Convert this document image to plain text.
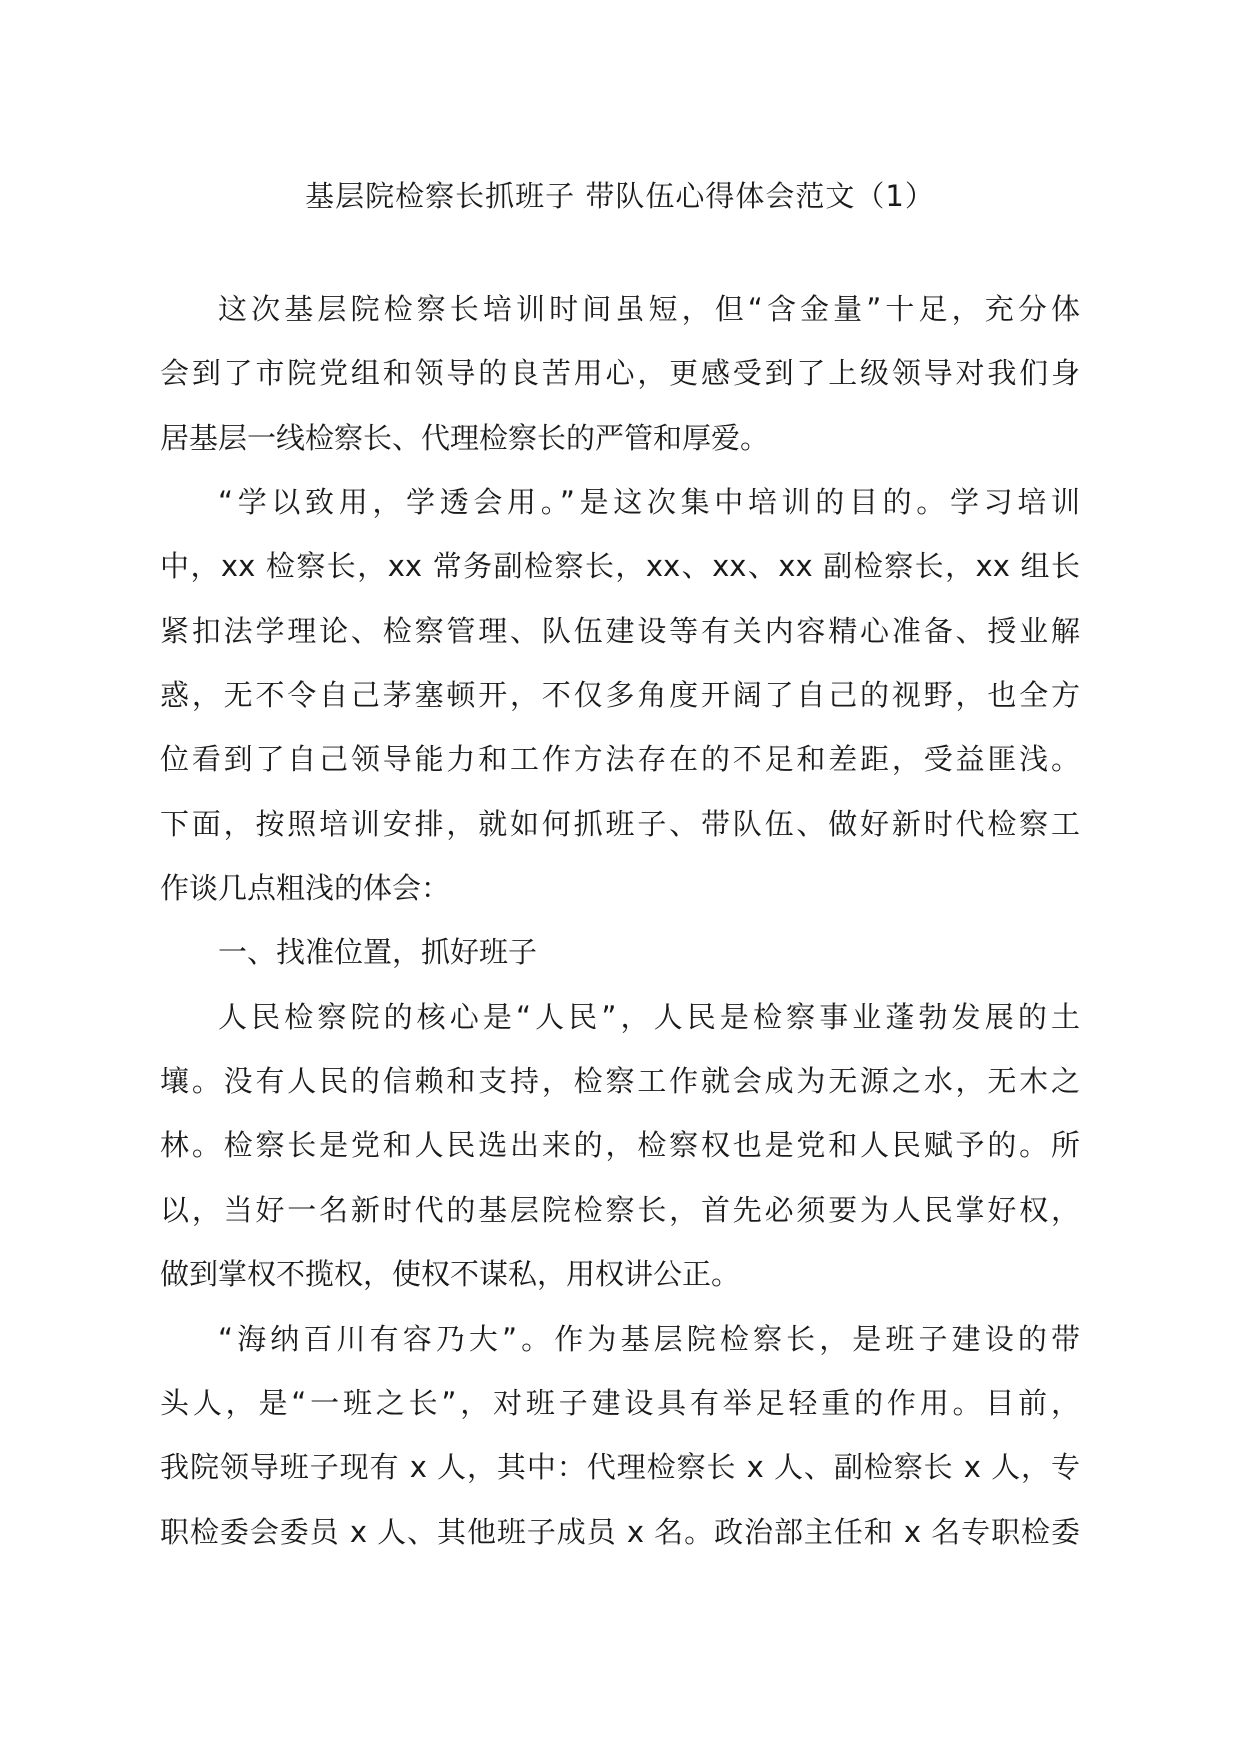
基层院检察长抓班子 带队伍心得体会范文（1）
这次基层院检察长培训时间虽短，但“含金量”十足，充分体
会到了市院党组和领导的良苦用心，更感受到了上级领导对我们身
居基层一线检察长、代理检察长的严管和厚爱。
“学以致用，学透会用。”是这次集中培训的目的。学习培训
中，xx 检察长，xx 常务副检察长，xx、xx、xx 副检察长，xx 组长
紧扣法学理论、检察管理、队伍建设等有关内容精心准备、授业解
惑，无不令自己茅塞顿开，不仅多角度开阔了自己的视野，也全方
位看到了自己领导能力和工作方法存在的不足和差距，受益匪浅。
下面，按照培训安排，就如何抓班子、带队伍、做好新时代检察工
作谈几点粗浅的体会：
一、找准位置，抓好班子
人民检察院的核心是“人民”，人民是检察事业蓬勃发展的土
壤。没有人民的信赖和支持，检察工作就会成为无源之水，无木之
林。检察长是党和人民选出来的，检察权也是党和人民赋予的。所
以，当好一名新时代的基层院检察长，首先必须要为人民掌好权，
做到掌权不揽权，使权不谋私，用权讲公正。
“海纳百川有容乃大”。作为基层院检察长，是班子建设的带
头人，是“一班之长”，对班子建设具有举足轻重的作用。目前，
我院领导班子现有 x 人，其中：代理检察长 x 人、副检察长 x 人，专
职检委会委员 x 人、其他班子成员 x 名。政治部主任和 x 名专职检委
